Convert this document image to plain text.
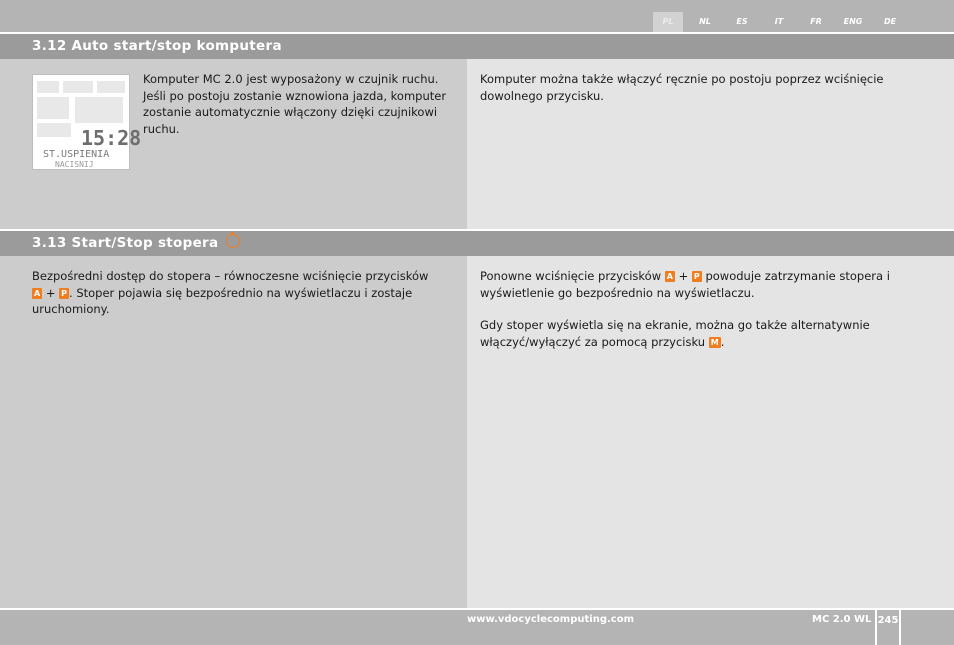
PL	NL	ES	IT	FR	ENG	DE
3.12 Auto start/stop komputera
15:28
ST.USPIENIA
NACISNIJ
Komputer MC 2.0 jest wyposażony w czujnik ruchu. Jeśli po postoju zostanie wznowiona jazda, komputer zostanie automatycznie włączony dzięki czujnikowi ruchu.
Komputer można także włączyć ręcznie po postoju poprzez wciśnięcie dowolnego przycisku.
3.13 Start/Stop stopera
Bezpośredni dostęp do stopera – równoczesne wciśnięcie przycisków
A + P . Stoper pojawia się bezpośrednio na wyświetlaczu i zostaje uruchomiony.
Ponowne wciśnięcie przycisków A + P powoduje zatrzymanie stopera i wyświetlenie go bezpośrednio na wyświetlaczu.
Gdy stoper wyświetla się na ekranie, można go także alternatywnie włączyć/wyłączyć za pomocą przycisku M .
www.vdocyclecomputing.com	MC 2.0 WL 245
